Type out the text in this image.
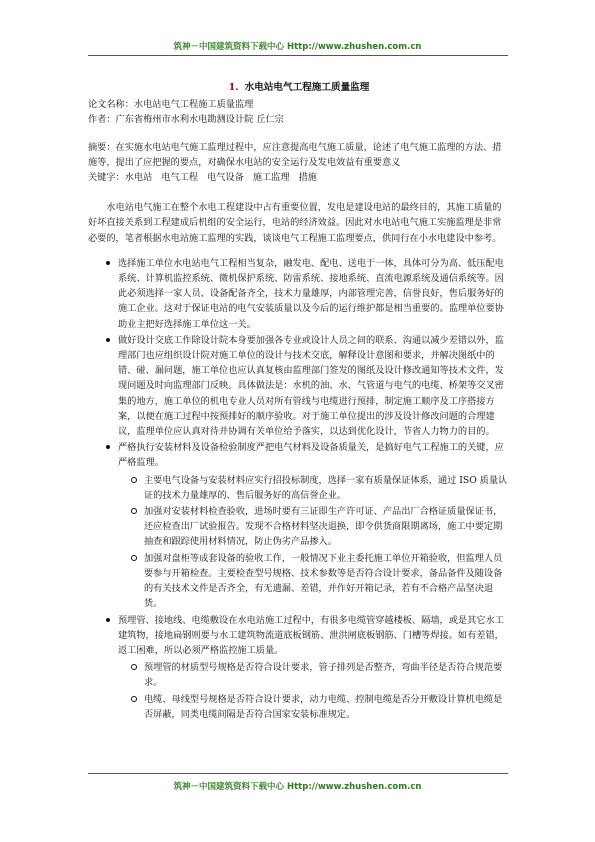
筑神－中国建筑资料下载中心 Http://www.zhushen.com.cn
1. 水电站电气工程施工质量监理

论文名称：水电站电气工程施工质量监理

作者：广东省梅州市水利水电勘测设计院 丘仁宗

摘要：在实施水电站电气施工监理过程中，应注意提高电气施工质量，论述了电气施工监理的方法、措施等，提出了应把握的要点，对确保水电站的安全运行及发电效益有重要意义

关键字：水电站 电气工程 电气设备 施工监理 措施

水电站电气施工在整个水电工程建设中占有重要位置，发电是建设电站的最终目的，其施工质量的好坏直接关系到工程建成后机组的安全运行，电站的经济效益。因此对水电站电气施工实施监理是非常必要的，笔者根据水电站施工监理的实践，谈谈电气工程施工监理要点，供同行在小水电建设中参考。

选择施工单位水电站电气工程相当复杂，融发电、配电、送电于一体，具体可分为高、低压配电系统、计算机监控系统、微机保护系统、防雷系统、接地系统、直流电源系统及通信系统等。因此必须选择一家人员、设备配备齐全，技术力量雄厚，内部管理完善，信誉良好，售后服务好的施工企业。这对于保证电站的电气安装质量以及今后的运行维护都是相当重要的。监理单位要协助业主把好选择施工单位这一关。
做好设计交底工作除设计院本身要加强各专业或设计人员之间的联系、沟通以减少差错以外，监理部门也应组织设计院对施工单位的设计与技术交底，解释设计意图和要求，并解决图纸中的错、碰、漏问题，施工单位也应认真复核由监理部门签发的图纸及设计修改通知等技术文件，发现问题及时向监理部门反映。具体做法是：水机的油、水、气管道与电气的电缆、桥架等交叉密集的地方，施工单位的机电专业人员对所有管线与电缆进行预排，制定施工顺序及工序搭接方案，以便在施工过程中按预排好的顺序验收。对于施工单位提出的涉及设计修改问题的合理建议，监理单位应认真对待并协调有关单位给予落实，以达到优化设计，节省人力物力的目的。
严格执行安装材料及设备检验制度严把电气材料及设备质量关，是搞好电气工程施工的关键，应严格监理。
主要电气设备与安装材料应实行招投标制度，选择一家有质量保证体系，通过 ISO 质量认证的技术力量雄厚的、售后服务好的高信誉企业。
加强对安装材料检查验收，进场时要有三证即生产许可证、产品出厂合格证质量保证书，还应检查出厂试验报告。发现不合格材料坚决退换，即令供货商限期离场，施工中要定期抽查和跟踪使用材料情况，防止伪劣产品掺入。
加强对盘柜等成套设备的验收工作，一般情况下业主委托施工单位开箱验收，但监理人员要参与开箱检查。主要检查型号规格、技术参数等是否符合设计要求，备品备件及随设备的有关技术文件是否齐全，有无遗漏、差错，并作好开箱记录，若有不合格产品坚决退货。
预埋管、接地线、电缆敷设在水电站施工过程中，有很多电缆管穿越楼板、隔墙，或是其它水工建筑物，接地扁钢则要与水工建筑物流道底板钢筋、泄洪闸底板钢筋、门槽等焊接。如有差错，返工困难，所以必须严格监控施工质量。
预埋管的材质型号规格是否符合设计要求，管子排列是否整齐，弯曲半径是否符合规范要求。
电缆、母线型号规格是否符合设计要求，动力电缆、控制电缆是否分开敷设计算机电缆是否屏蔽，同类电缆间隔是否符合国家安装标准规定。
筑神－中国建筑资料下载中心 Http://www.zhushen.com.cn
